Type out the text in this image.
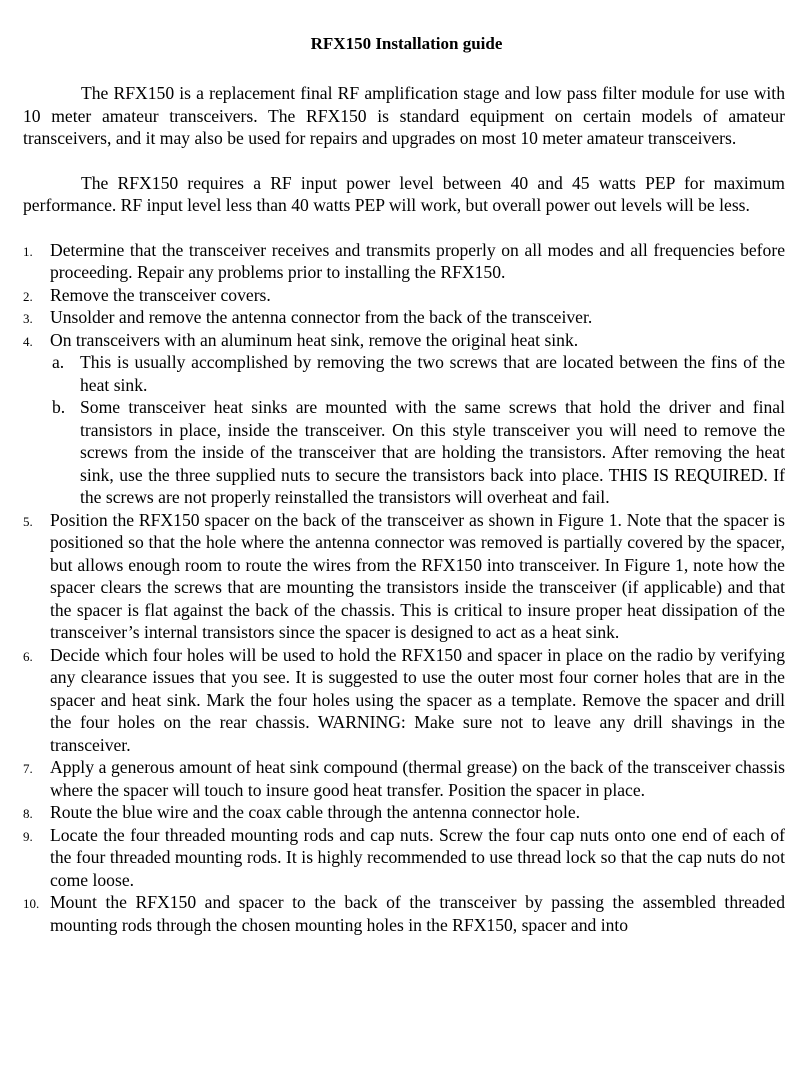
RFX150 Installation guide

The RFX150 is a replacement final RF amplification stage and low pass filter module for use with 10 meter amateur transceivers. The RFX150 is standard equipment on certain models of amateur transceivers, and it may also be used for repairs and upgrades on most 10 meter amateur transceivers.

The RFX150 requires a RF input power level between 40 and 45 watts PEP for maximum performance. RF input level less than 40 watts PEP will work, but overall power out levels will be less.

1. Determine that the transceiver receives and transmits properly on all modes and all frequencies before proceeding. Repair any problems prior to installing the RFX150.
2. Remove the transceiver covers.
3. Unsolder and remove the antenna connector from the back of the transceiver.
4. On transceivers with an aluminum heat sink, remove the original heat sink.
a. This is usually accomplished by removing the two screws that are located between the fins of the heat sink.
b. Some transceiver heat sinks are mounted with the same screws that hold the driver and final transistors in place, inside the transceiver. On this style transceiver you will need to remove the screws from the inside of the transceiver that are holding the transistors. After removing the heat sink, use the three supplied nuts to secure the transistors back into place. THIS IS REQUIRED. If the screws are not properly reinstalled the transistors will overheat and fail.
5. Position the RFX150 spacer on the back of the transceiver as shown in Figure 1. Note that the spacer is positioned so that the hole where the antenna connector was removed is partially covered by the spacer, but allows enough room to route the wires from the RFX150 into transceiver. In Figure 1, note how the spacer clears the screws that are mounting the transistors inside the transceiver (if applicable) and that the spacer is flat against the back of the chassis. This is critical to insure proper heat dissipation of the transceiver’s internal transistors since the spacer is designed to act as a heat sink.
6. Decide which four holes will be used to hold the RFX150 and spacer in place on the radio by verifying any clearance issues that you see. It is suggested to use the outer most four corner holes that are in the spacer and heat sink. Mark the four holes using the spacer as a template. Remove the spacer and drill the four holes on the rear chassis. WARNING: Make sure not to leave any drill shavings in the transceiver.
7. Apply a generous amount of heat sink compound (thermal grease) on the back of the transceiver chassis where the spacer will touch to insure good heat transfer. Position the spacer in place.
8. Route the blue wire and the coax cable through the antenna connector hole.
9. Locate the four threaded mounting rods and cap nuts. Screw the four cap nuts onto one end of each of the four threaded mounting rods. It is highly recommended to use thread lock so that the cap nuts do not come loose.
10. Mount the RFX150 and spacer to the back of the transceiver by passing the assembled threaded mounting rods through the chosen mounting holes in the RFX150, spacer and into
